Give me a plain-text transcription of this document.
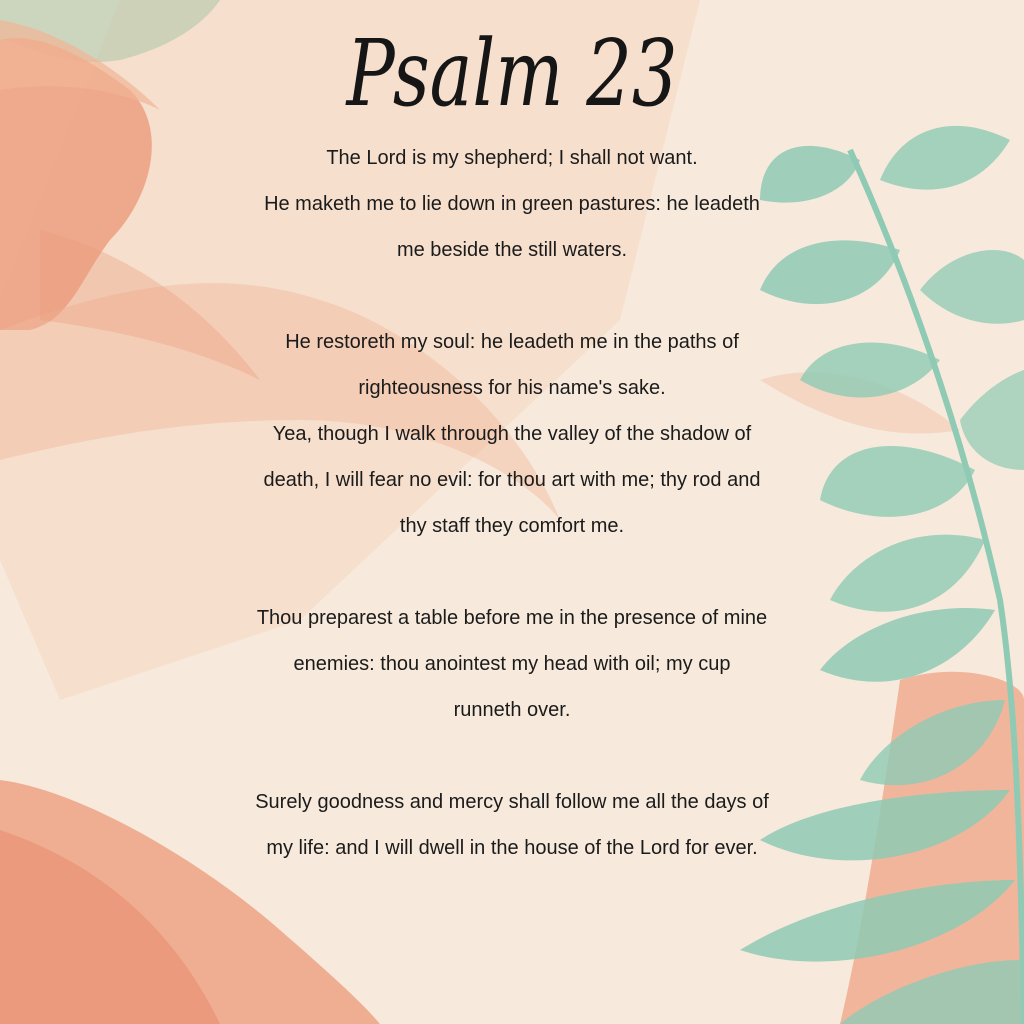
Psalm 23
The Lord is my shepherd; I shall not want.
He maketh me to lie down in green pastures: he leadeth
me beside the still waters.
He restoreth my soul: he leadeth me in the paths of
righteousness for his name's sake.
Yea, though I walk through the valley of the shadow of
death, I will fear no evil: for thou art with me; thy rod and
thy staff they comfort me.
Thou preparest a table before me in the presence of mine
enemies: thou anointest my head with oil; my cup
runneth over.
Surely goodness and mercy shall follow me all the days of
my life: and I will dwell in the house of the Lord for ever.
